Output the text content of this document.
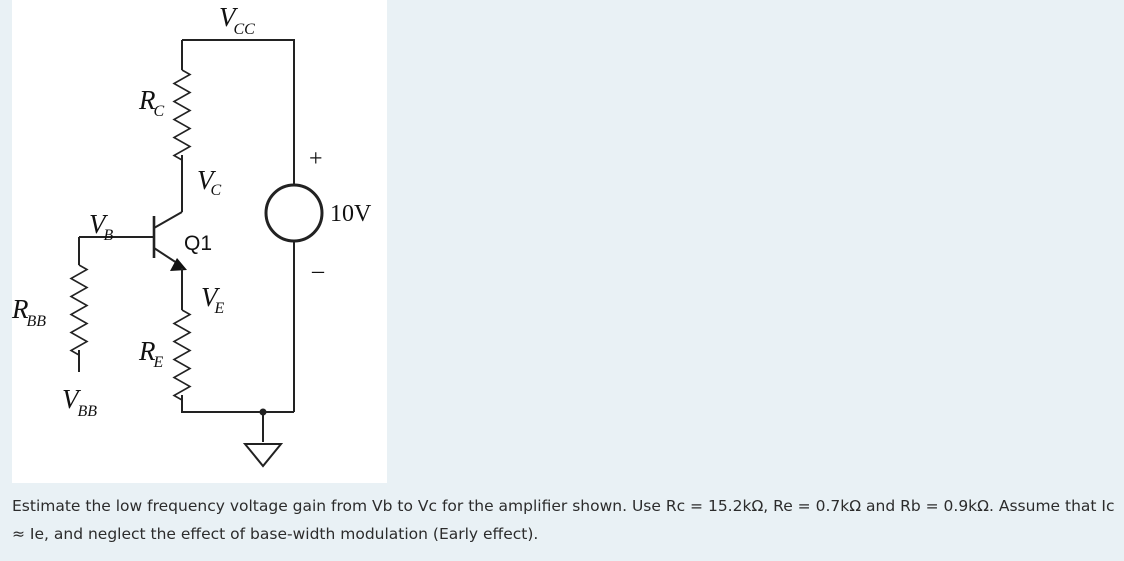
VCC
RC
VC
VB	Q1
VE
RE
RBB
VBB
+
–
10V

Estimate the low frequency voltage gain from Vb to Vc for the amplifier shown. Use Rc = 15.2kΩ, Re = 0.7kΩ and Rb = 0.9kΩ. Assume that Ic ≈ Ie, and neglect the effect of base-width modulation (Early effect).
